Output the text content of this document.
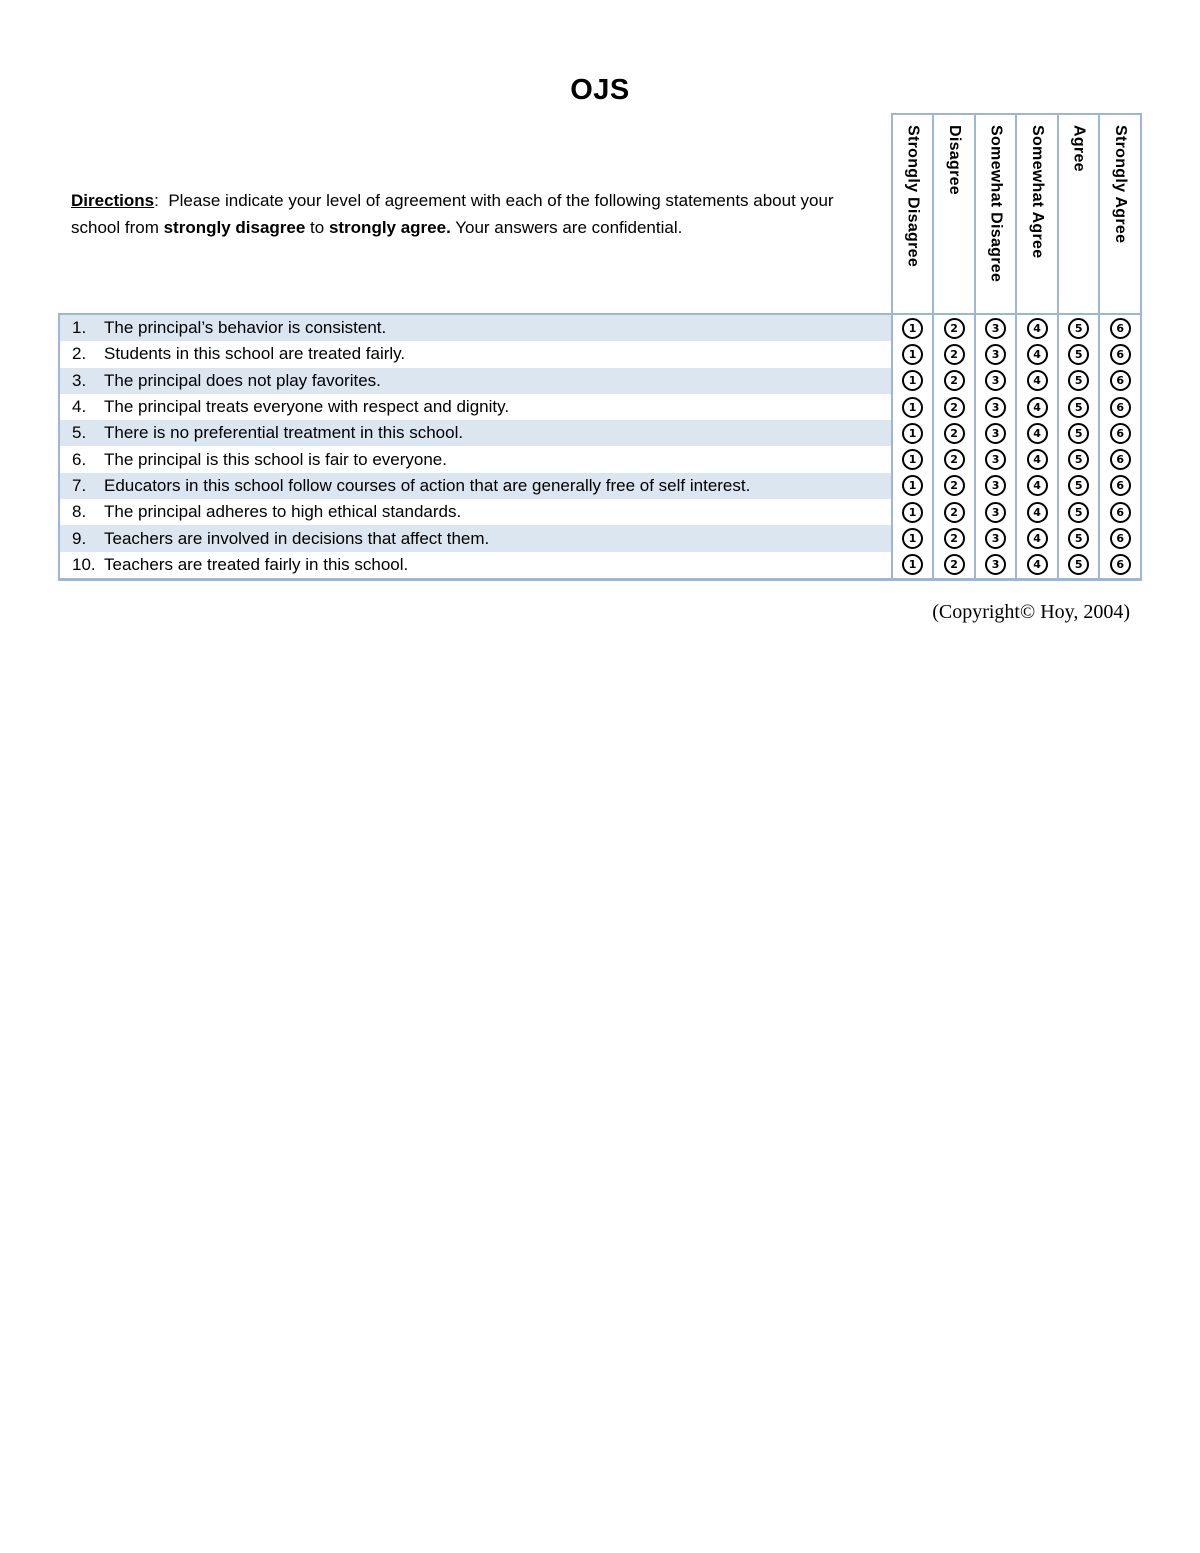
OJS
Directions:  Please indicate your level of agreement with each of the following statements about your school from strongly disagree to strongly agree. Your answers are confidential.	Strongly Disagree	Disagree	Somewhat Disagree	Somewhat Agree	Agree	Strongly Agree
1. The principal’s behavior is consistent.	1	2	3	4	5	6
2. Students in this school are treated fairly.	1	2	3	4	5	6
3. The principal does not play favorites.	1	2	3	4	5	6
4. The principal treats everyone with respect and dignity.	1	2	3	4	5	6
5. There is no preferential treatment in this school.	1	2	3	4	5	6
6. The principal is this school is fair to everyone.	1	2	3	4	5	6
7. Educators in this school follow courses of action that are generally free of self interest.	1	2	3	4	5	6
8. The principal adheres to high ethical standards.	1	2	3	4	5	6
9. Teachers are involved in decisions that affect them.	1	2	3	4	5	6
10. Teachers are treated fairly in this school.	1	2	3	4	5	6
(Copyright© Hoy, 2004)
